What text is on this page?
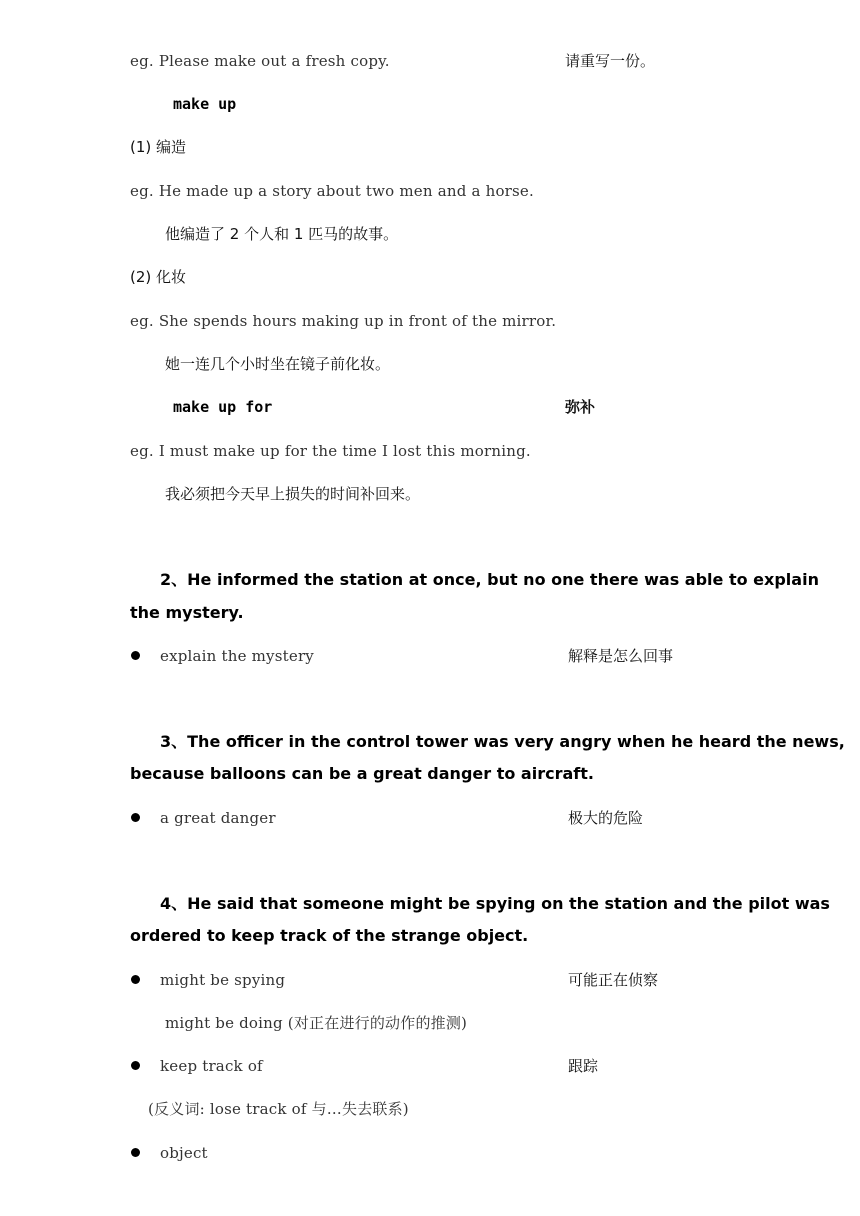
eg. Please make out a fresh copy.	请重写一份。
make up
(1) 编造
eg. He made up a story about two men and a horse.
他编造了 2 个人和 1 匹马的故事。
(2) 化妆
eg. She spends hours making up in front of the mirror.
她一连几个小时坐在镜子前化妆。
make up for	弥补
eg. I must make up for the time I lost this morning.
我必须把今天早上损失的时间补回来。
2、He informed the station at once, but no one there was able to explain
the mystery.
explain the mystery	解释是怎么回事
3、The officer in the control tower was very angry when he heard the news,
because balloons can be a great danger to aircraft.
a great danger	极大的危险
4、He said that someone might be spying on the station and the pilot was
ordered to keep track of the strange object.
might be spying	可能正在侦察
might be doing (对正在进行的动作的推测)
keep track of	跟踪
(反义词: lose track of 与…失去联系)
object
